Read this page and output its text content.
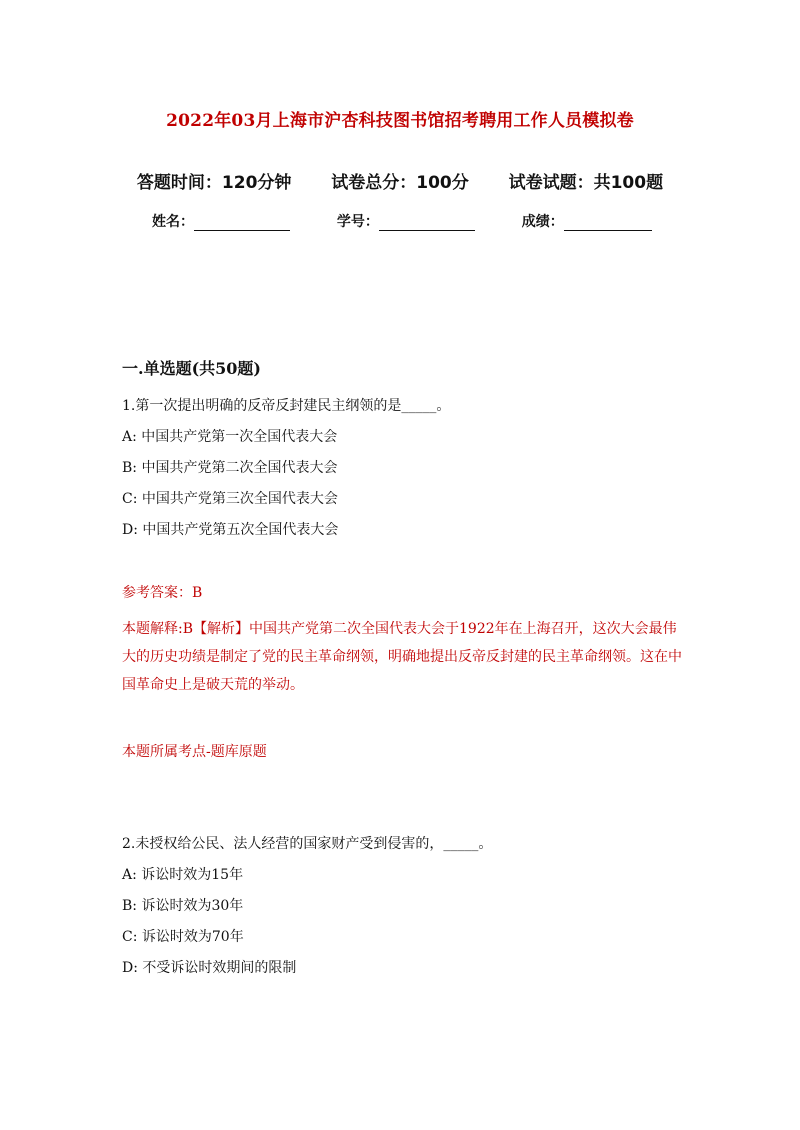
2022年03月上海市沪杏科技图书馆招考聘用工作人员模拟卷
答题时间：120分钟 试卷总分：100分 试卷试题：共100题
姓名：	学号：	成绩：
一.单选题(共50题)
1.第一次提出明确的反帝反封建民主纲领的是_____。
A: 中国共产党第一次全国代表大会
B: 中国共产党第二次全国代表大会
C: 中国共产党第三次全国代表大会
D: 中国共产党第五次全国代表大会
参考答案：B
本题解释:B【解析】中国共产党第二次全国代表大会于1922年在上海召开，这次大会最伟大的历史功绩是制定了党的民主革命纲领，明确地提出反帝反封建的民主革命纲领。这在中国革命史上是破天荒的举动。
本题所属考点-题库原题
2.未授权给公民、法人经营的国家财产受到侵害的，_____。
A: 诉讼时效为15年
B: 诉讼时效为30年
C: 诉讼时效为70年
D: 不受诉讼时效期间的限制
